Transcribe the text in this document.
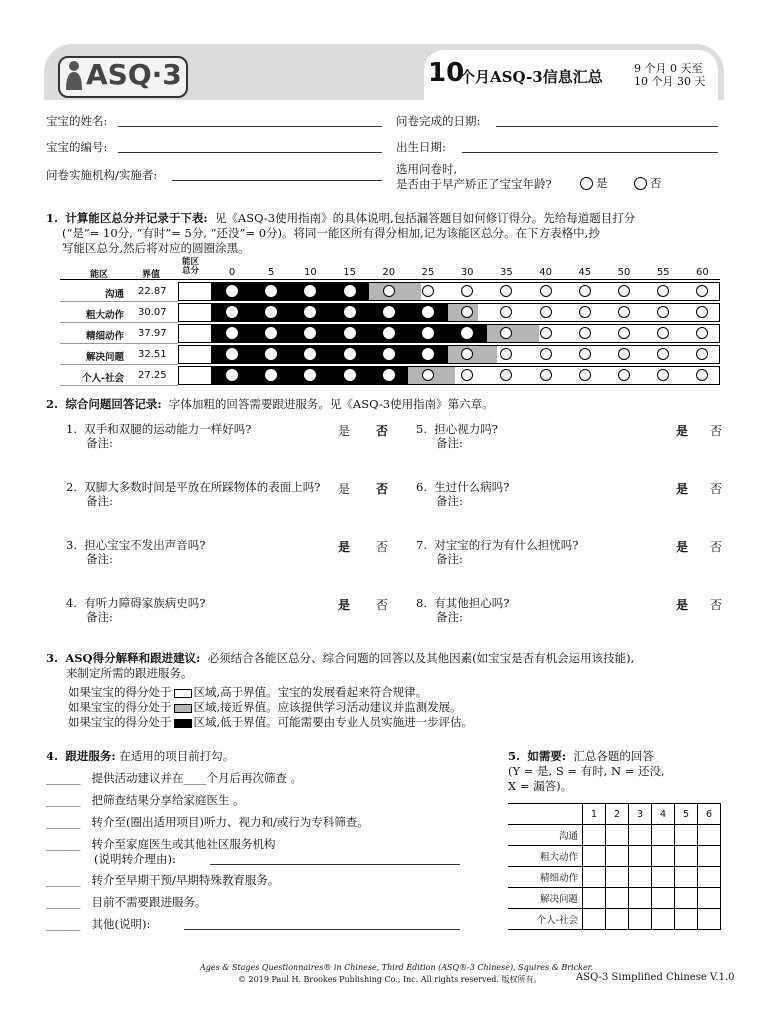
ASQ·3	10
个月ASQ-3信息汇总	9 个月 0 天至
10 个月 30 天
宝宝的姓名:	问卷完成的日期:
宝宝的编号:	出生日期:
问卷实施机构/实施者:	选用问卷时,
是否由于早产矫正了宝宝年龄?	是	否
1. 计算能区总分并记录于下表: 见《ASQ-3使用指南》的具体说明,包括漏答题目如何修订得分。先给每道题目打分
(“是”= 10分, “有时”= 5分, “还没”= 0分)。将同一能区所有得分相加,记为该能区总分。在下方表格中,抄
写能区总分,然后将对应的圆圈涂黑。
能区	界值
能区总分	0	5	10	15	20	25	30	35	40	45	50	55	60
沟通 22.87
粗大动作 30.07
精细动作 37.97
解决问题 32.51
个人-社会 27.25
2. 综合问题回答记录: 字体加粗的回答需要跟进服务。见《ASQ-3使用指南》第六章。
1. 双手和双腿的运动能力一样好吗?
备注:
是 否
2. 双脚大多数时间是平放在所踩物体的表面上吗?
备注:
是 否
3. 担心宝宝不发出声音吗?
备注:
是 否
4. 有听力障碍家族病史吗?
备注:
是 否
5. 担心视力吗?
备注:
是 否
6. 生过什么病吗?
备注:
是 否
7. 对宝宝的行为有什么担忧吗?
备注:
是 否
8. 有其他担心吗?
备注:
是 否
3. ASQ得分解释和跟进建议: 必须结合各能区总分、综合问题的回答以及其他因素(如宝宝是否有机会运用该技能),
来制定所需的跟进服务。
如果宝宝的得分处于 区域,高于界值。宝宝的发展看起来符合规律。
如果宝宝的得分处于 区域,接近界值。应该提供学习活动建议并监测发展。
如果宝宝的得分处于 区域,低于界值。可能需要由专业人员实施进一步评估。
4. 跟进服务: 在适用的项目前打勾。
______ 提供活动建议并在____个月后再次筛查 。
______ 把筛查结果分享给家庭医生 。
______ 转介至(圈出适用项目)听力、视力和/或行为专科筛查。
______ 转介至家庭医生或其他社区服务机构
______ 转介至早期干预/早期特殊教育服务。
______ 目前不需要跟进服务。
______ 其他(说明):
(说明转介理由):
5. 如需要: 汇总各题的回答
(Y = 是, S = 有时, N = 还没,
X = 漏答)。
	1	2	3	4	5	6
沟通						
粗大动作						
精细动作						
解决问题						
个人-社会						
Ages & Stages Questionnaires® in Chinese, Third Edition (ASQ®-3 Chinese), Squires & Bricker.
© 2019 Paul H. Brookes Publishing Co., Inc. All rights reserved. 版权所有。	ASQ-3 Simplified Chinese V.1.0
